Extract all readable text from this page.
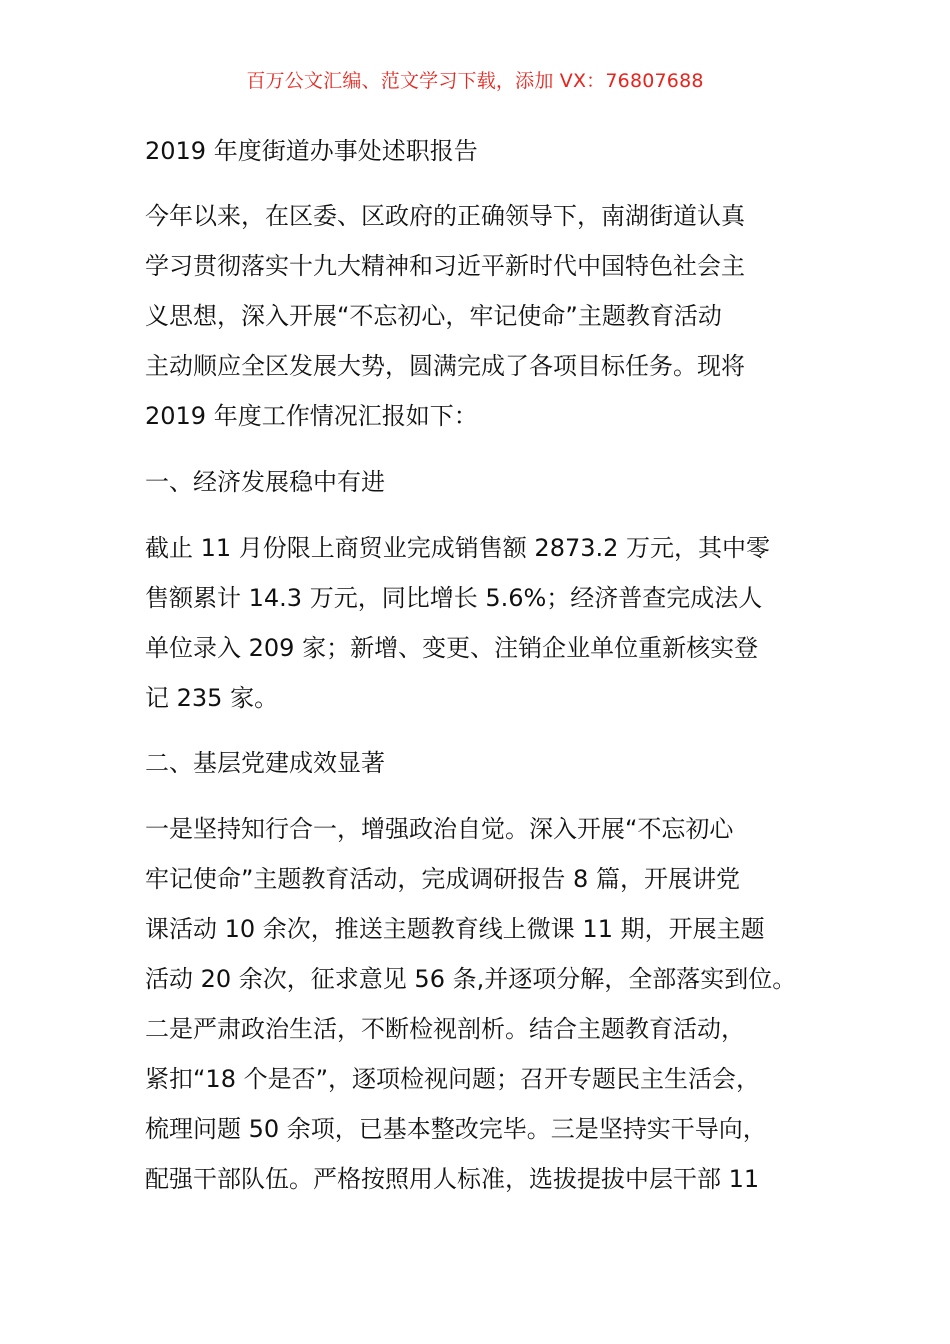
百万公文汇编、范文学习下载，添加 VX：76807688
2019 年度街道办事处述职报告
今年以来，在区委、区政府的正确领导下，南湖街道认真
学习贯彻落实十九大精神和习近平新时代中国特色社会主
义思想，深入开展“不忘初心，牢记使命”主题教育活动
主动顺应全区发展大势，圆满完成了各项目标任务。现将
2019 年度工作情况汇报如下：
一、经济发展稳中有进
截止 11 月份限上商贸业完成销售额 2873.2 万元，其中零
售额累计 14.3 万元，同比增长 5.6%；经济普查完成法人
单位录入 209 家；新增、变更、注销企业单位重新核实登
记 235 家。
二、基层党建成效显著
一是坚持知行合一，增强政治自觉。深入开展“不忘初心
牢记使命”主题教育活动，完成调研报告 8 篇，开展讲党
课活动 10 余次，推送主题教育线上微课 11 期，开展主题
活动 20 余次，征求意见 56 条,并逐项分解，全部落实到位。
二是严肃政治生活，不断检视剖析。结合主题教育活动，
紧扣“18 个是否”，逐项检视问题；召开专题民主生活会，
梳理问题 50 余项，已基本整改完毕。三是坚持实干导向，
配强干部队伍。严格按照用人标准，选拔提拔中层干部 11
